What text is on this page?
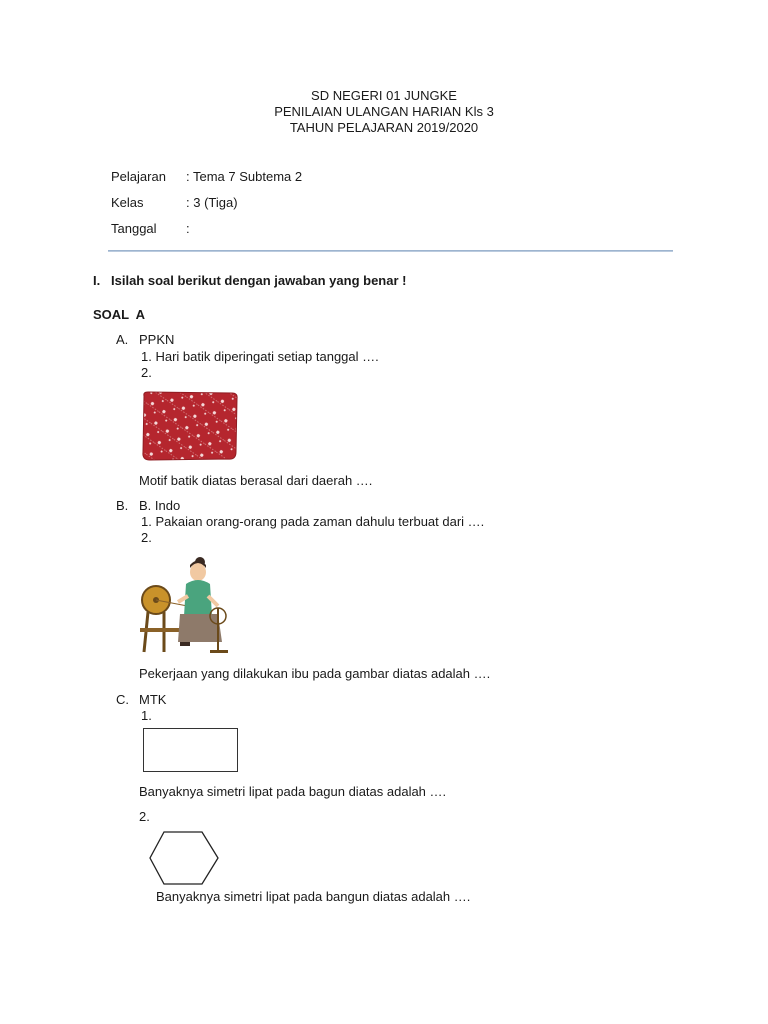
SD NEGERI 01 JUNGKE
PENILAIAN ULANGAN HARIAN Kls 3
TAHUN PELAJARAN 2019/2020
Pelajaran : Tema 7 Subtema 2
Kelas	: 3 (Tiga)
Tanggal :
I. Isilah soal berikut dengan jawaban yang benar !
SOAL  A
A. PPKN
1. Hari batik diperingati setiap tanggal ….
2.
Motif batik diatas berasal dari daerah ….
B. B. Indo
1. Pakaian orang-orang pada zaman dahulu terbuat dari ….
2.
Pekerjaan yang dilakukan ibu pada gambar diatas adalah ….
C. MTK
1.
Banyaknya simetri lipat pada bagun diatas adalah ….
2.
Banyaknya simetri lipat pada bangun diatas adalah ….
